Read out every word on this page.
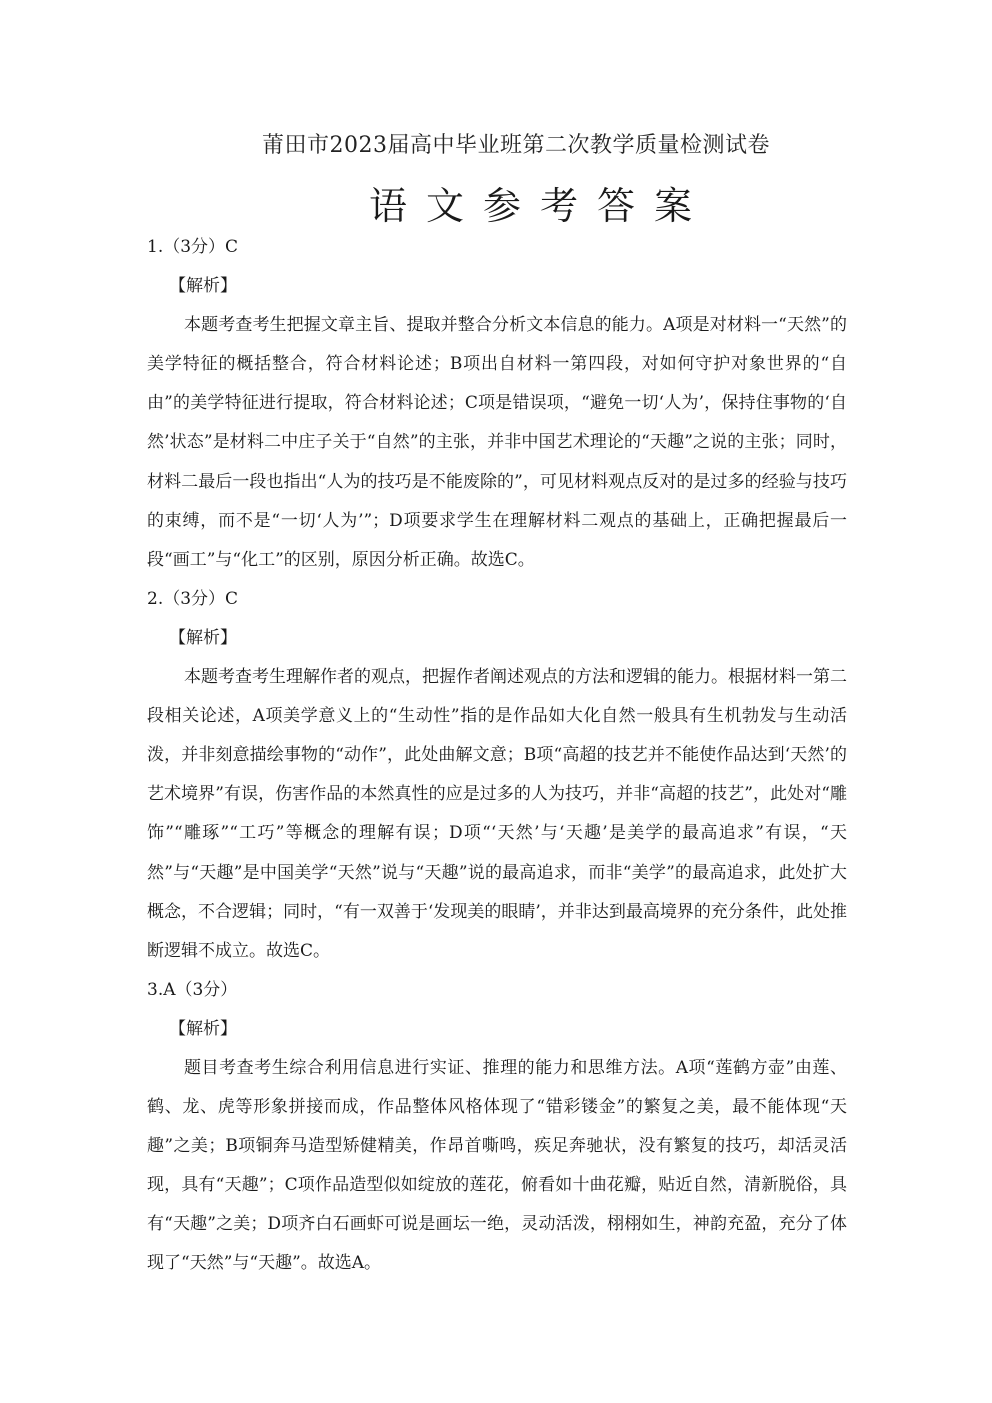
莆田市2023届高中毕业班第二次教学质量检测试卷
语文参考答案

1.（3分）C

【解析】

本题考查考生把握文章主旨、提取并整合分析文本信息的能力。A项是对材料一“天然”的美学特征的概括整合，符合材料论述；B项出自材料一第四段，对如何守护对象世界的“自由”的美学特征进行提取，符合材料论述；C项是错误项，“避免一切‘人为’，保持住事物的‘自然’状态”是材料二中庄子关于“自然”的主张，并非中国艺术理论的“天趣”之说的主张；同时，材料二最后一段也指出“人为的技巧是不能废除的”，可见材料观点反对的是过多的经验与技巧的束缚，而不是“一切‘人为’”；D项要求学生在理解材料二观点的基础上，正确把握最后一段“画工”与“化工”的区别，原因分析正确。故选C。

2.（3分）C

【解析】

本题考查考生理解作者的观点，把握作者阐述观点的方法和逻辑的能力。根据材料一第二段相关论述，A项美学意义上的“生动性”指的是作品如大化自然一般具有生机勃发与生动活泼，并非刻意描绘事物的“动作”，此处曲解文意；B项“高超的技艺并不能使作品达到‘天然’的艺术境界”有误，伤害作品的本然真性的应是过多的人为技巧，并非“高超的技艺”，此处对“雕饰”“雕琢”“工巧”等概念的理解有误；D项“‘天然’与‘天趣’是美学的最高追求”有误，“天然”与“天趣”是中国美学“天然”说与“天趣”说的最高追求，而非“美学”的最高追求，此处扩大概念，不合逻辑；同时，“有一双善于‘发现美的眼睛’，并非达到最高境界的充分条件，此处推断逻辑不成立。故选C。

3.A（3分）

【解析】

题目考查考生综合利用信息进行实证、推理的能力和思维方法。A项“莲鹤方壶”由莲、鹤、龙、虎等形象拼接而成，作品整体风格体现了“错彩镂金”的繁复之美，最不能体现“天趣”之美；B项铜奔马造型矫健精美，作昂首嘶鸣，疾足奔驰状，没有繁复的技巧，却活灵活现，具有“天趣”；C项作品造型似如绽放的莲花，俯看如十曲花瓣，贴近自然，清新脱俗，具有“天趣”之美；D项齐白石画虾可说是画坛一绝，灵动活泼，栩栩如生，神韵充盈，充分了体现了“天然”与“天趣”。故选A。
